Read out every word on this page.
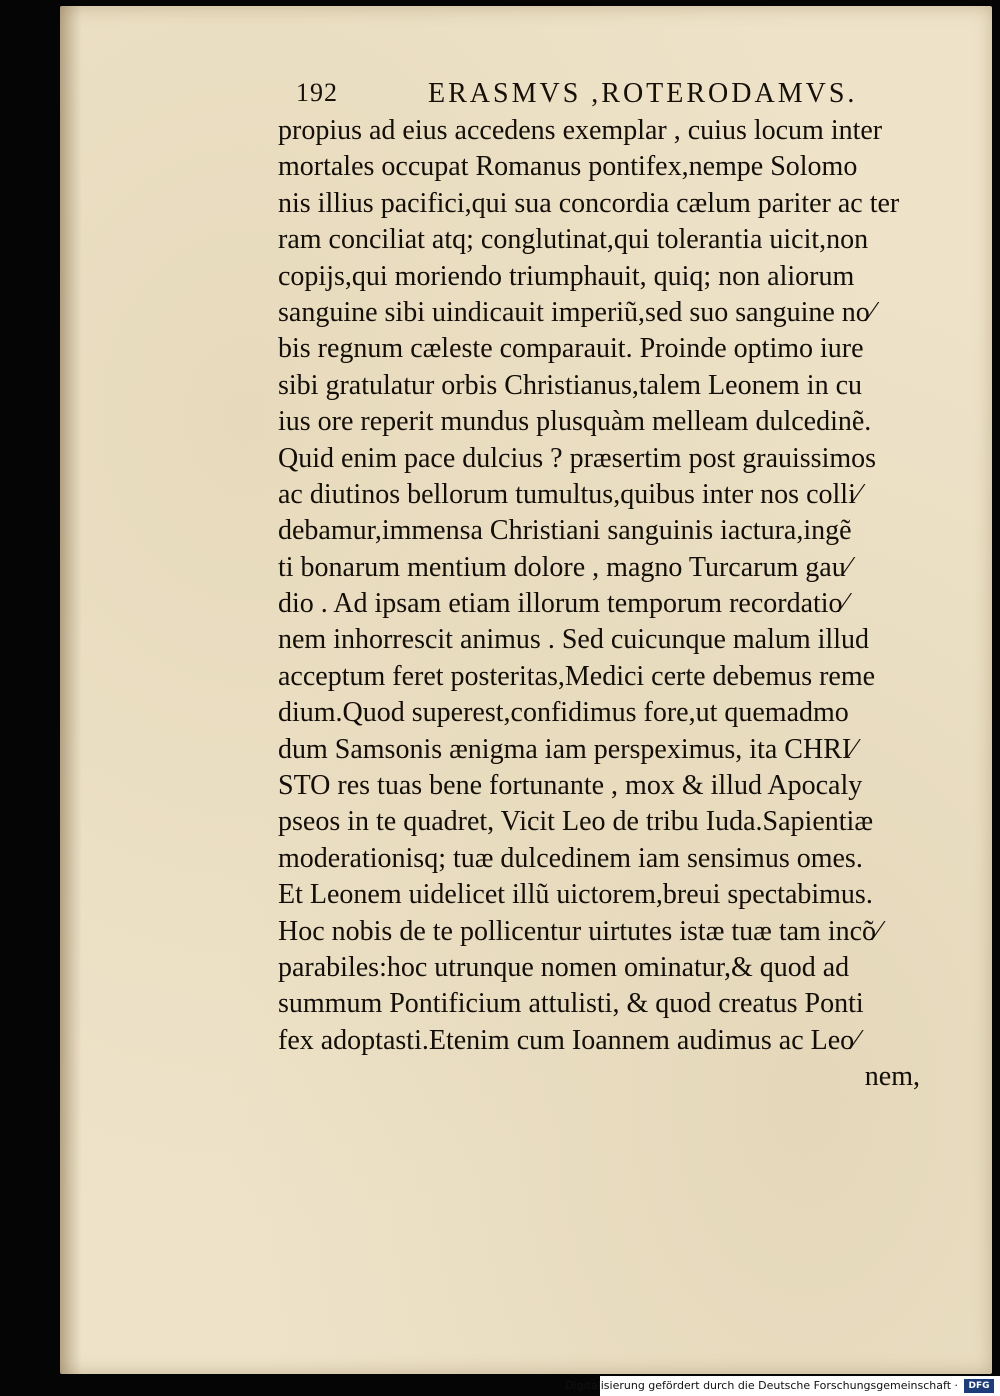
192	ERASMVS ,ROTERODAMVS.
propius ad eius accedens exemplar , cuius locum inter
mortales occupat Romanus pontifex,nempe Solomo
nis illius pacifici,qui sua concordia cælum pariter ac ter
ram conciliat atq; conglutinat,qui tolerantia uicit,non
copijs,qui moriendo triumphauit, quiq; non aliorum
sanguine sibi uindicauit imperiũ,sed suo sanguine no⁄
bis regnum cæleste comparauit. Proinde optimo iure
sibi gratulatur orbis Christianus,talem Leonem in cu
ius ore reperit mundus plusquàm melleam dulcedinẽ.
Quid enim pace dulcius ? præsertim post grauissimos
ac diutinos bellorum tumultus,quibus inter nos colli⁄
debamur,immensa Christiani sanguinis iactura,ingẽ
ti bonarum mentium dolore , magno Turcarum gau⁄
dio . Ad ipsam etiam illorum temporum recordatio⁄
nem inhorrescit animus . Sed cuicunque malum illud
acceptum feret posteritas,Medici certe debemus reme
dium.Quod superest,confidimus fore,ut quemadmo
dum Samsonis ænigma iam perspeximus, ita CHRI⁄
STO res tuas bene fortunante , mox & illud Apocaly
pseos in te quadret, Vicit Leo de tribu Iuda.Sapientiæ
moderationisq; tuæ dulcedinem iam sensimus omes.
Et Leonem uidelicet illũ uictorem,breui spectabimus.
Hoc nobis de te pollicentur uirtutes istæ tuæ tam incõ⁄
parabiles:hoc utrunque nomen ominatur,& quod ad
summum Pontificium attulisti, & quod creatus Ponti
fex adoptasti.Etenim cum Ioannem audimus ac Leo⁄
nem,
Digitalisierung gefördert durch die Deutsche Forschungsgemeinschaft ·	DFG
